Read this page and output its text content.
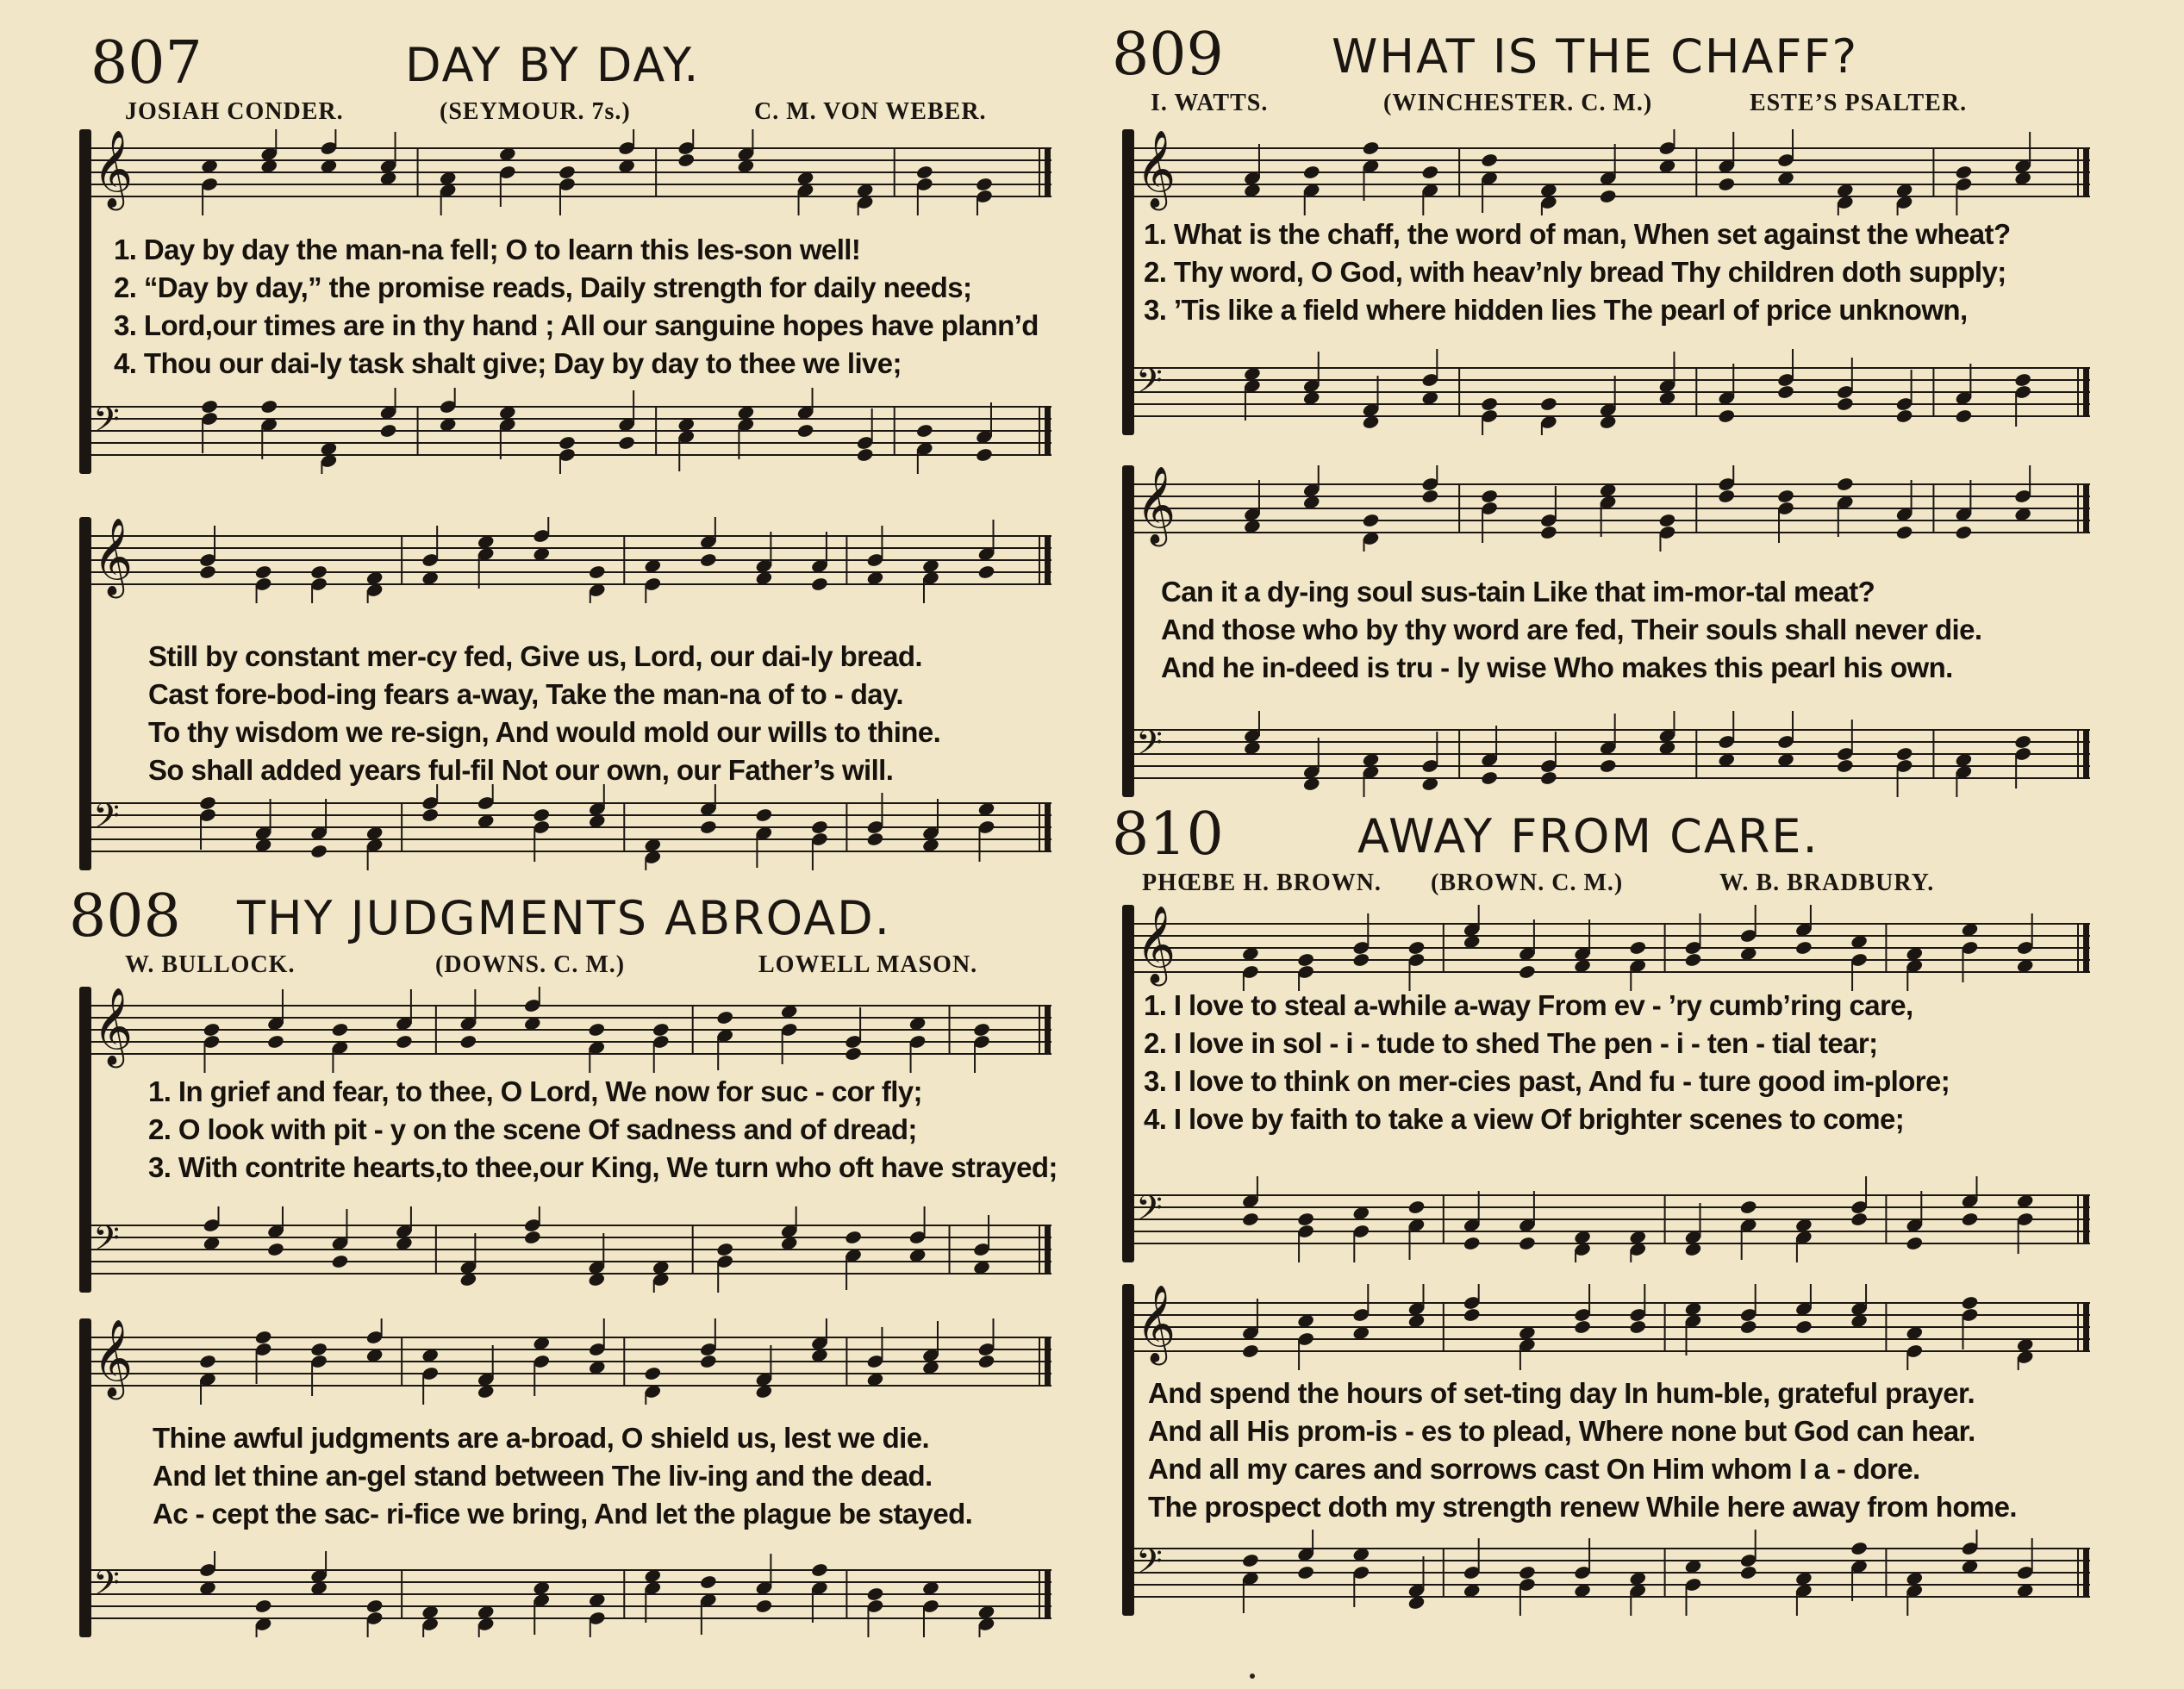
807	DAY BY DAY.
JOSIAH CONDER.	(SEYMOUR. 7s.)	C. M. VON WEBER.
𝄞
1. Day by day the man-na fell; O to learn this les-son well!
2. “Day by day,” the promise reads, Daily strength for daily needs;
3. Lord,our times are in thy hand ; All our sanguine hopes have plann’d
4. Thou our dai-ly task shalt give; Day by day to thee we live;
𝄢
𝄞
Still by constant mer-cy fed, Give us, Lord, our dai-ly bread.
Cast fore-bod-ing fears a-way, Take the man-na of to - day.
To thy wisdom we re-sign, And would mold our wills to thine.
So shall added years ful-fil Not our own, our Father’s will.
𝄢
808 THY JUDGMENTS ABROAD.
W. BULLOCK.	(DOWNS. C. M.)	LOWELL MASON.
𝄞
1. In grief and fear, to thee, O Lord, We now for suc - cor fly;
2. O look with pit - y on the scene Of sadness and of dread;
3. With contrite hearts,to thee,our King, We turn who oft have strayed;
𝄢
𝄞
Thine awful judgments are a-broad, O shield us, lest we die.
And let thine an-gel stand between The liv-ing and the dead.
Ac - cept the sac- ri-fice we bring, And let the plague be stayed.
𝄢
809 WHAT IS THE CHAFF?
I. WATTS.	(WINCHESTER. C. M.)	ESTE’S PSALTER.
𝄞
1. What is the chaff, the word of man, When set against the wheat?
2. Thy word, O God, with heav’nly bread Thy children doth supply;
3. ’Tis like a field where hidden lies The pearl of price unknown,
𝄢
𝄞
Can it a dy-ing soul sus-tain Like that im-mor-tal meat?
And those who by thy word are fed, Their souls shall never die.
And he in-deed is tru - ly wise Who makes this pearl his own.
𝄢
810	AWAY FROM CARE.
PHŒBE H. BROWN. (BROWN. C. M.)	W. B. BRADBURY.
𝄞
1. I love to steal a-while a-way From ev - ’ry cumb’ring care,
2. I love in sol - i - tude to shed The pen - i - ten - tial tear;
3. I love to think on mer-cies past, And fu - ture good im-plore;
4. I love by faith to take a view Of brighter scenes to come;
𝄢
𝄞
And spend the hours of set-ting day In hum-ble, grateful prayer.
And all His prom-is - es to plead, Where none but God can hear.
And all my cares and sorrows cast On Him whom I a - dore.
The prospect doth my strength renew While here away from home.
𝄢
